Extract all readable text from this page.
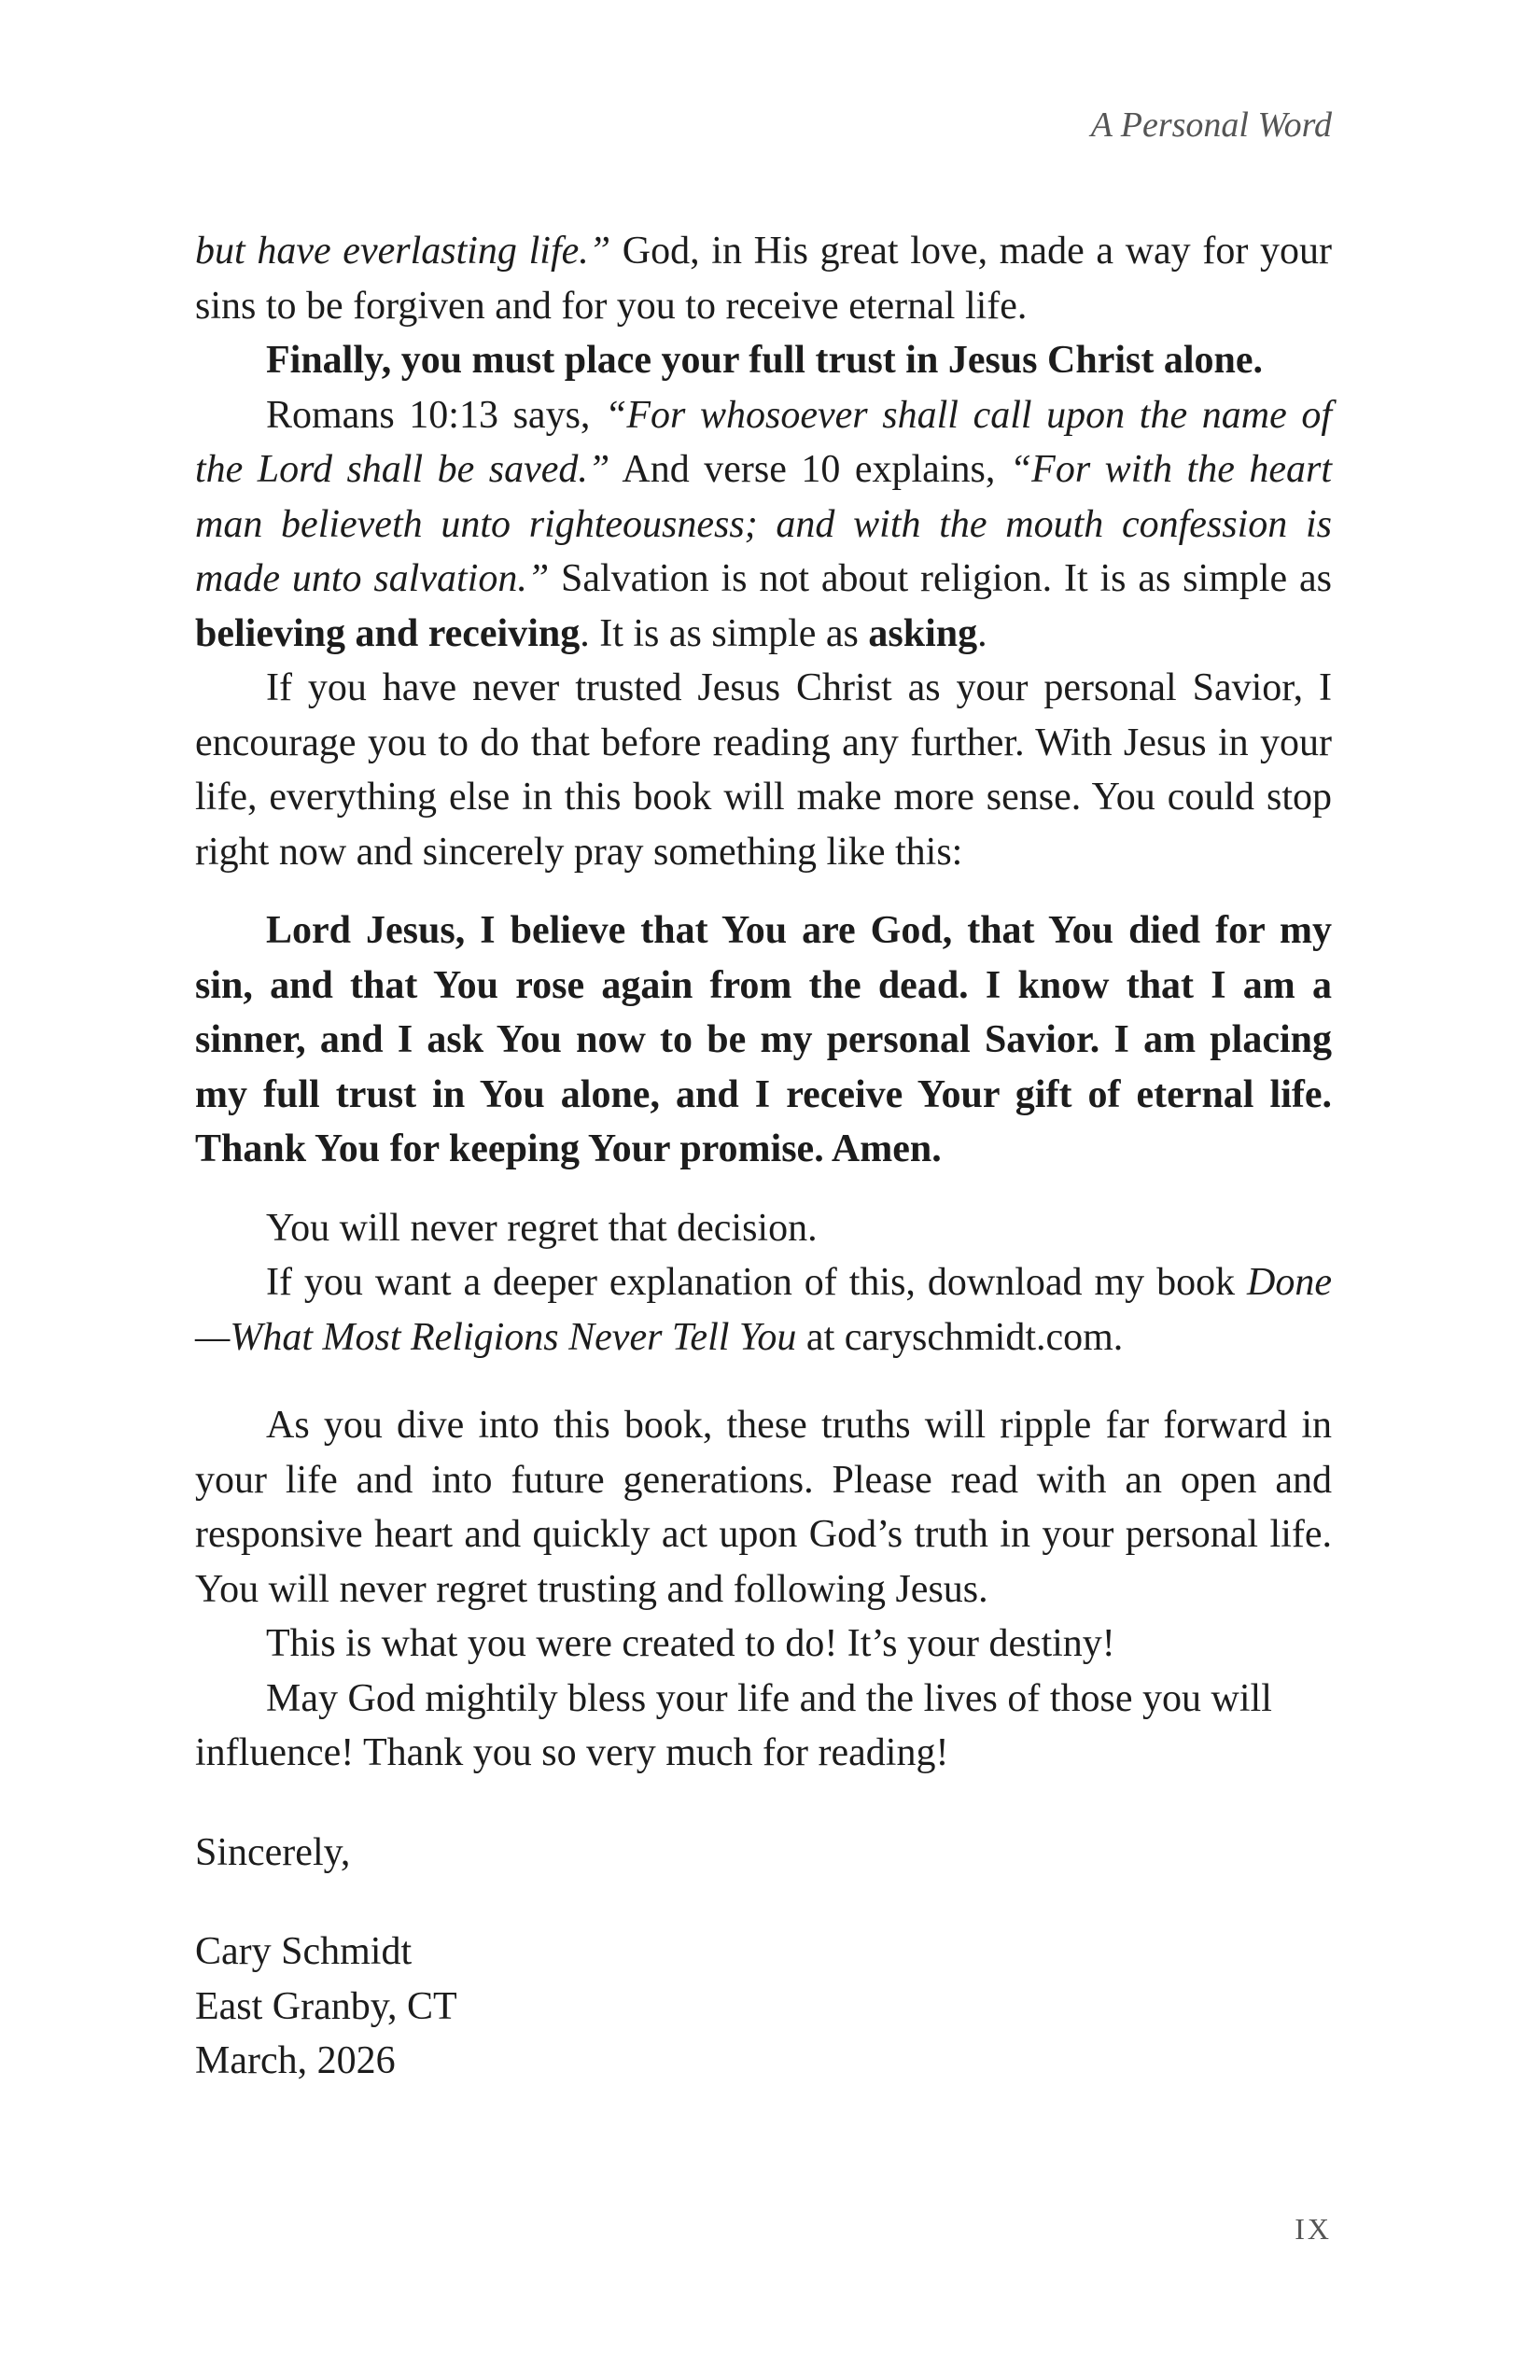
A Personal Word

but have everlasting life.” God, in His great love, made a way for your sins to be forgiven and for you to receive eternal life.

Finally, you must place your full trust in Jesus Christ alone.

Romans 10:13 says, “For whosoever shall call upon the name of the Lord shall be saved.” And verse 10 explains, “For with the heart man believeth unto righteousness; and with the mouth confession is made unto salvation.” Salvation is not about religion. It is as simple as believing and receiving. It is as simple as asking.

If you have never trusted Jesus Christ as your personal Savior, I encourage you to do that before reading any further. With Jesus in your life, everything else in this book will make more sense. You could stop right now and sincerely pray something like this:

Lord Jesus, I believe that You are God, that You died for my sin, and that You rose again from the dead. I know that I am a sinner, and I ask You now to be my personal Savior. I am placing my full trust in You alone, and I receive Your gift of eternal life. Thank You for keeping Your promise. Amen.

You will never regret that decision.

If you want a deeper explanation of this, download my book Done—What Most Religions Never Tell You at caryschmidt.com.

As you dive into this book, these truths will ripple far forward in your life and into future generations. Please read with an open and responsive heart and quickly act upon God’s truth in your personal life. You will never regret trusting and following Jesus.

This is what you were created to do! It’s your destiny!

May God mightily bless your life and the lives of those you will influence! Thank you so very much for reading!

Sincerely,

Cary Schmidt
East Granby, CT
March, 2026

IX
